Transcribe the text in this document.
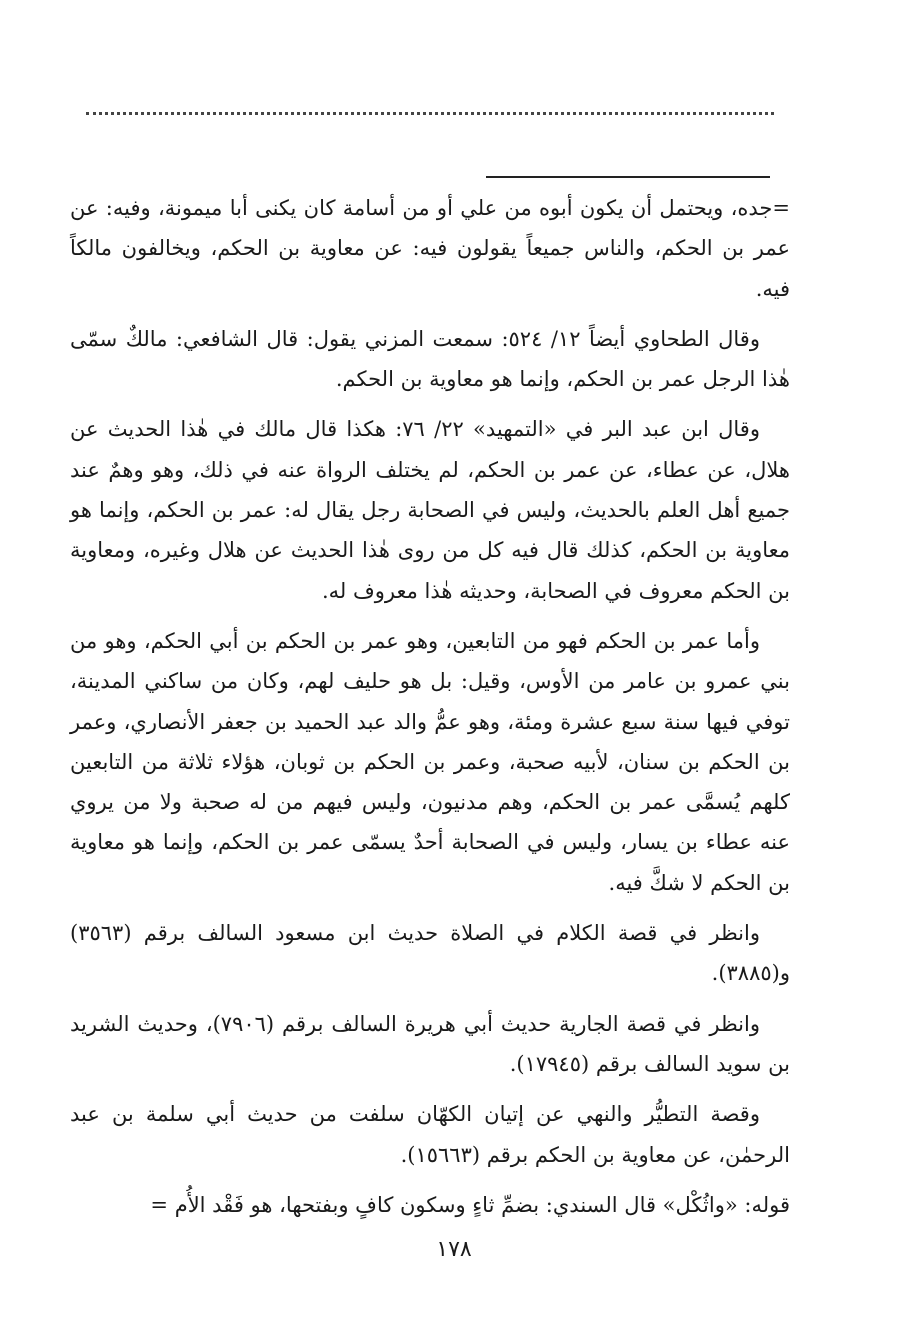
=جده، ويحتمل أن يكون أبوه من علي أو من أسامة كان يكنى أبا ميمونة، وفيه: عن عمر بن الحكم، والناس جميعاً يقولون فيه: عن معاوية بن الحكم، ويخالفون مالكاً فيه.

وقال الطحاوي أيضاً ١٢/ ٥٢٤: سمعت المزني يقول: قال الشافعي: مالكٌ سمّى هٰذا الرجل عمر بن الحكم، وإنما هو معاوية بن الحكم.

وقال ابن عبد البر في «التمهيد» ٢٢/ ٧٦: هكذا قال مالك في هٰذا الحديث عن هلال، عن عطاء، عن عمر بن الحكم، لم يختلف الرواة عنه في ذلك، وهو وهمٌ عند جميع أهل العلم بالحديث، وليس في الصحابة رجل يقال له: عمر بن الحكم، وإنما هو معاوية بن الحكم، كذلك قال فيه كل من روى هٰذا الحديث عن هلال وغيره، ومعاوية بن الحكم معروف في الصحابة، وحديثه هٰذا معروف له.

وأما عمر بن الحكم فهو من التابعين، وهو عمر بن الحكم بن أبي الحكم، وهو من بني عمرو بن عامر من الأوس، وقيل: بل هو حليف لهم، وكان من ساكني المدينة، توفي فيها سنة سبع عشرة ومئة، وهو عمُّ والد عبد الحميد بن جعفر الأنصاري، وعمر بن الحكم بن سنان، لأبيه صحبة، وعمر بن الحكم بن ثوبان، هؤلاء ثلاثة من التابعين كلهم يُسمَّى عمر بن الحكم، وهم مدنيون، وليس فيهم من له صحبة ولا من يروي عنه عطاء بن يسار، وليس في الصحابة أحدٌ يسمّى عمر بن الحكم، وإنما هو معاوية بن الحكم لا شكَّ فيه.

وانظر في قصة الكلام في الصلاة حديث ابن مسعود السالف برقم (٣٥٦٣) و(٣٨٨٥).

وانظر في قصة الجارية حديث أبي هريرة السالف برقم (٧٩٠٦)، وحديث الشريد بن سويد السالف برقم (١٧٩٤٥).

وقصة التطيُّر والنهي عن إتيان الكهّان سلفت من حديث أبي سلمة بن عبد الرحمٰن، عن معاوية بن الحكم برقم (١٥٦٦٣).

قوله: «واثُكْل» قال السندي: بضمِّ ثاءٍ وسكون كافٍ وبفتحها، هو فَقْد الأُم =

١٧٨
